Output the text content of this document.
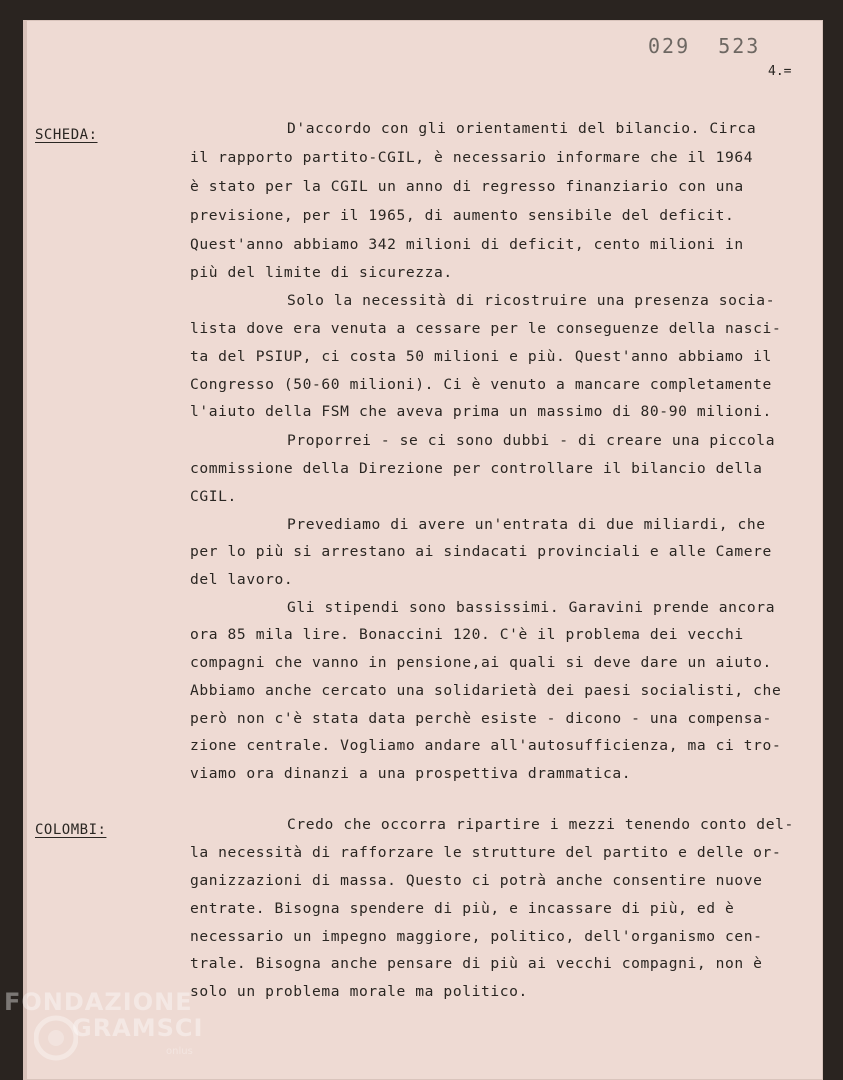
029  523
4.=
SCHEDA:	D'accordo con gli orientamenti del bilancio. Circa
il rapporto partito-CGIL, è necessario informare che il 1964
è stato per la CGIL un anno di regresso finanziario con una
previsione, per il 1965, di aumento sensibile del deficit.
Quest'anno abbiamo 342 milioni di deficit, cento milioni in
più del limite di sicurezza.
Solo la necessità di ricostruire una presenza socia-
lista dove era venuta a cessare per le conseguenze della nasci-
ta del PSIUP, ci costa 50 milioni e più. Quest'anno abbiamo il
Congresso (50-60 milioni). Ci è venuto a mancare completamente
l'aiuto della FSM che aveva prima un massimo di 80-90 milioni.
Proporrei - se ci sono dubbi - di creare una piccola
commissione della Direzione per controllare il bilancio della
CGIL.
Prevediamo di avere un'entrata di due miliardi, che
per lo più si arrestano ai sindacati provinciali e alle Camere
del lavoro.
Gli stipendi sono bassissimi. Garavini prende ancora
ora 85 mila lire. Bonaccini 120. C'è il problema dei vecchi
compagni che vanno in pensione,ai quali si deve dare un aiuto.
Abbiamo anche cercato una solidarietà dei paesi socialisti, che
però non c'è stata data perchè esiste - dicono - una compensa-
zione centrale. Vogliamo andare all'autosufficienza, ma ci tro-
viamo ora dinanzi a una prospettiva drammatica.
COLOMBI:	Credo che occorra ripartire i mezzi tenendo conto del-
la necessità di rafforzare le strutture del partito e delle or-
ganizzazioni di massa. Questo ci potrà anche consentire nuove
entrate. Bisogna spendere di più, e incassare di più, ed è
necessario un impegno maggiore, politico, dell'organismo cen-
trale. Bisogna anche pensare di più ai vecchi compagni, non è
solo un problema morale ma politico.
FONDAZIONE
GRAMSCI
onlus
